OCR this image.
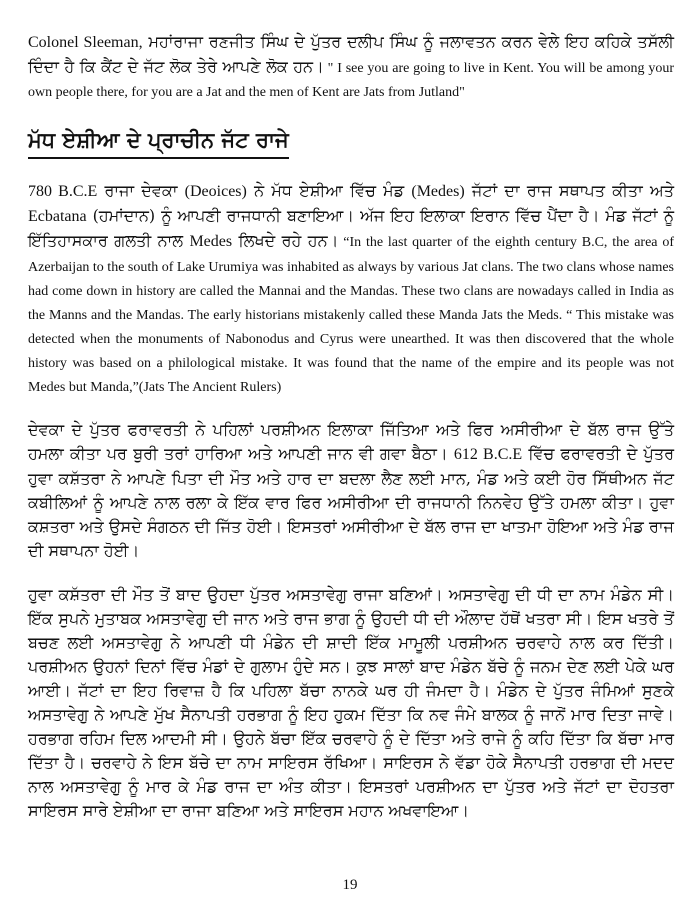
Colonel Sleeman, ਮਹਾਂਰਾਜਾ ਰਣਜੀਤ ਸਿੰਘ ਦੇ ਪੁੱਤਰ ਦਲੀਪ ਸਿੰਘ ਨੂੰ ਜਲਾਵਤਨ ਕਰਨ ਵੇਲੇ ਇਹ ਕਹਿਕੇ ਤਸੱਲੀ ਦਿੰਦਾ ਹੈ ਕਿ ਕੈਂਟ ਦੇ ਜੱਟ ਲੋਕ ਤੇਰੇ ਆਪਣੇ ਲੋਕ ਹਨ। " I see you are going to live in Kent. You will be among your own people there, for you are a Jat and the men of Kent are Jats from Jutland"

ਮੱਧ ਏਸ਼ੀਆ ਦੇ ਪ੍ਰਾਚੀਨ ਜੱਟ ਰਾਜੇ

780 B.C.E ਰਾਜਾ ਦੇਵਕਾ (Deoices) ਨੇ ਮੱਧ ਏਸ਼ੀਆ ਵਿੱਚ ਮੰਡ (Medes) ਜੱਟਾਂ ਦਾ ਰਾਜ ਸਥਾਪਤ ਕੀਤਾ ਅਤੇ Ecbatana (ਹਮਾਂਦਾਨ) ਨੂੰ ਆਪਣੀ ਰਾਜਧਾਨੀ ਬਣਾਇਆ। ਅੱਜ ਇਹ ਇਲਾਕਾ ਇਰਾਨ ਵਿੱਚ ਪੈਂਦਾ ਹੈ। ਮੰਡ ਜੱਟਾਂ ਨੂੰ ਇੱਤਿਹਾਸਕਾਰ ਗਲਤੀ ਨਾਲ Medes ਲਿਖਦੇ ਰਹੇ ਹਨ। “In the last quarter of the eighth century B.C, the area of Azerbaijan to the south of Lake Urumiya was inhabited as always by various Jat clans. The two clans whose names had come down in history are called the Mannai and the Mandas. These two clans are nowadays called in India as the Manns and the Mandas. The early historians mistakenly called these Manda Jats the Meds. “ This mistake was detected when the monuments of Nabonodus and Cyrus were unearthed. It was then discovered that the whole history was based on a philological mistake. It was found that the name of the empire and its people was not Medes but Manda,”(Jats The Ancient Rulers)

ਦੇਵਕਾ ਦੇ ਪੁੱਤਰ ਫਰਾਵਰਤੀ ਨੇ ਪਹਿਲਾਂ ਪਰਸ਼ੀਅਨ ਇਲਾਕਾ ਜਿੱਤਿਆ ਅਤੇ ਫਿਰ ਅਸੀਰੀਆ ਦੇ ਬੱਲ ਰਾਜ ਉੱਤੇ ਹਮਲਾ ਕੀਤਾ ਪਰ ਬੁਰੀ ਤਰਾਂ ਹਾਰਿਆ ਅਤੇ ਆਪਣੀ ਜਾਨ ਵੀ ਗਵਾ ਬੈਠਾ। 612 B.C.E ਵਿੱਚ ਫਰਾਵਰਤੀ ਦੇ ਪੁੱਤਰ ਹੁਵਾ ਕਸ਼ੱਤਰਾ ਨੇ ਆਪਣੇ ਪਿਤਾ ਦੀ ਮੌਤ ਅਤੇ ਹਾਰ ਦਾ ਬਦਲਾ ਲੈਣ ਲਈ ਮਾਨ, ਮੰਡ ਅਤੇ ਕਈ ਹੋਰ ਸਿੱਥੀਅਨ ਜੱਟ ਕਬੀਲਿਆਂ ਨੂੰ ਆਪਣੇ ਨਾਲ ਰਲਾ ਕੇ ਇੱਕ ਵਾਰ ਫਿਰ ਅਸੀਰੀਆ ਦੀ ਰਾਜਧਾਨੀ ਨਿਨਵੇਹ ਉੱਤੇ ਹਮਲਾ ਕੀਤਾ। ਹੁਵਾ ਕਸ਼ਤਰਾ ਅਤੇ ਉਸਦੇ ਸੰਗਠਨ ਦੀ ਜਿੱਤ ਹੋਈ। ਇਸਤਰਾਂ ਅਸੀਰੀਆ ਦੇ ਬੱਲ ਰਾਜ ਦਾ ਖਾਤਮਾ ਹੋਇਆ ਅਤੇ ਮੰਡ ਰਾਜ ਦੀ ਸਥਾਪਨਾ ਹੋਈ।

ਹੁਵਾ ਕਸ਼ੱਤਰਾ ਦੀ ਮੌਤ ਤੋਂ ਬਾਦ ਉਹਦਾ ਪੁੱਤਰ ਅਸਤਾਵੇਗੁ ਰਾਜਾ ਬਣਿਆਂ। ਅਸਤਾਵੇਗੁ ਦੀ ਧੀ ਦਾ ਨਾਮ ਮੰਡੇਨ ਸੀ। ਇੱਕ ਸੁਪਨੇ ਮੁਤਾਬਕ ਅਸਤਾਵੇਗੁ ਦੀ ਜਾਨ ਅਤੇ ਰਾਜ ਭਾਗ ਨੂੰ ਉਹਦੀ ਧੀ ਦੀ ਔਲਾਦ ਹੱਥੋਂ ਖਤਰਾ ਸੀ। ਇਸ ਖਤਰੇ ਤੋਂ ਬਚਣ ਲਈ ਅਸਤਾਵੇਗੁ ਨੇ ਆਪਣੀ ਧੀ ਮੰਡੇਨ ਦੀ ਸ਼ਾਦੀ ਇੱਕ ਮਾਮੂਲੀ ਪਰਸ਼ੀਅਨ ਚਰਵਾਹੇ ਨਾਲ ਕਰ ਦਿੱਤੀ। ਪਰਸ਼ੀਅਨ ਉਹਨਾਂ ਦਿਨਾਂ ਵਿੱਚ ਮੰਡਾਂ ਦੇ ਗੁਲਾਮ ਹੁੰਦੇ ਸਨ। ਕੁਝ ਸਾਲਾਂ ਬਾਦ ਮੰਡੇਨ ਬੱਚੇ ਨੂੰ ਜਨਮ ਦੇਣ ਲਈ ਪੇਕੇ ਘਰ ਆਈ। ਜੱਟਾਂ ਦਾ ਇਹ ਰਿਵਾਜ਼ ਹੈ ਕਿ ਪਹਿਲਾ ਬੱਚਾ ਨਾਨਕੇ ਘਰ ਹੀ ਜੰਮਦਾ ਹੈ। ਮੰਡੇਨ ਦੇ ਪੁੱਤਰ ਜੰਮਿਆਂ ਸੁਣਕੇ ਅਸਤਾਵੇਗੁ ਨੇ ਆਪਣੇ ਮੁੱਖ ਸੈਨਾਪਤੀ ਹਰਭਾਗ ਨੂੰ ਇਹ ਹੁਕਮ ਦਿੱਤਾ ਕਿ ਨਵ ਜੰਮੇ ਬਾਲਕ ਨੂੰ ਜਾਨੋਂ ਮਾਰ ਦਿਤਾ ਜਾਵੇ। ਹਰਭਾਗ ਰਹਿਮ ਦਿਲ ਆਦਮੀ ਸੀ। ਉਹਨੇ ਬੱਚਾ ਇੱਕ ਚਰਵਾਹੇ ਨੂੰ ਦੇ ਦਿੱਤਾ ਅਤੇ ਰਾਜੇ ਨੂੰ ਕਹਿ ਦਿੱਤਾ ਕਿ ਬੱਚਾ ਮਾਰ ਦਿੱਤਾ ਹੈ। ਚਰਵਾਹੇ ਨੇ ਇਸ ਬੱਚੇ ਦਾ ਨਾਮ ਸਾਇਰਸ ਰੱਖਿਆ। ਸਾਇਰਸ ਨੇ ਵੱਡਾ ਹੋਕੇ ਸੈਨਾਪਤੀ ਹਰਭਾਗ ਦੀ ਮਦਦ ਨਾਲ ਅਸਤਾਵੇਗੁ ਨੂੰ ਮਾਰ ਕੇ ਮੰਡ ਰਾਜ ਦਾ ਅੰਤ ਕੀਤਾ। ਇਸਤਰਾਂ ਪਰਸ਼ੀਅਨ ਦਾ ਪੁੱਤਰ ਅਤੇ ਜੱਟਾਂ ਦਾ ਦੋਹਤਰਾ ਸਾਇਰਸ ਸਾਰੇ ਏਸ਼ੀਆ ਦਾ ਰਾਜਾ ਬਣਿਆ ਅਤੇ ਸਾਇਰਸ ਮਹਾਨ ਅਖਵਾਇਆ।

19
